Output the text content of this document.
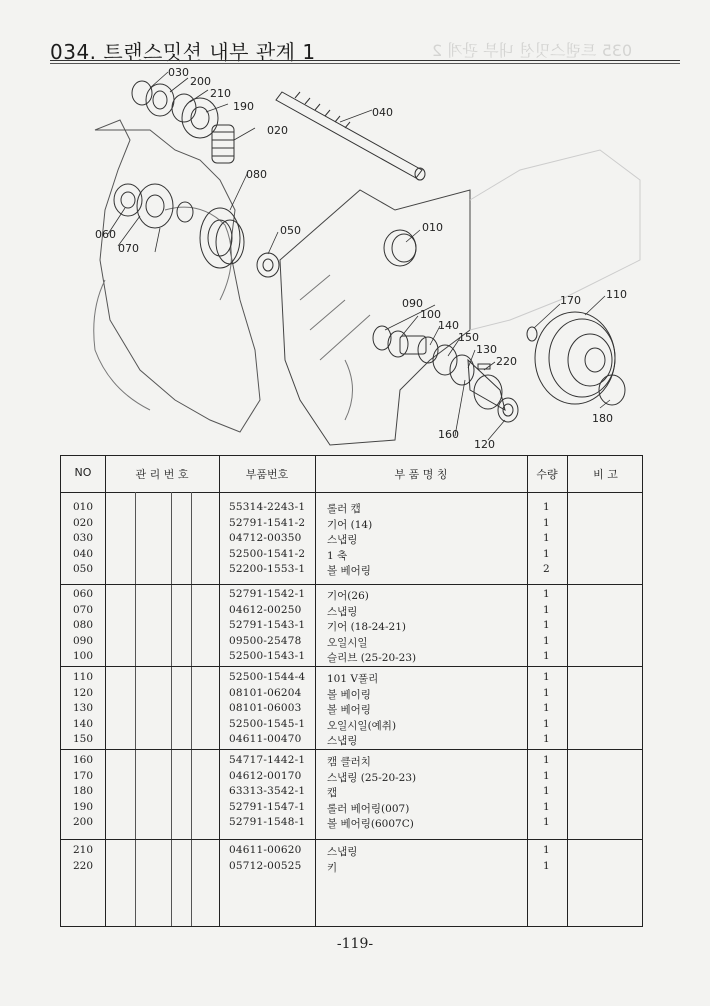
034. 트랜스밋션 내부 관계 1	035 트랜스밋션 내부 관계 2
030
200
210
190
020
040
080
050
060
070
010
090
100
140
150
130
220
170 110
180
160
120
NO	관 리 번 호	부품번호	부 품 명 칭	수량	비 고
010	55314-2243-1 롤러 캡	1
020	52791-1541-2 기어 (14)	1
030	04712-00350 스냅링	1
040	52500-1541-2 1 축	1
050	52200-1553-1 볼 베어링	2
060	52791-1542-1 기어(26)	1
070	04612-00250 스냅링	1
080	52791-1543-1 기어 (18-24-21)	1
090	09500-25478 오일시일	1
100	52500-1543-1 슬리브 (25-20-23)	1
110	52500-1544-4 101 V풀리	1
120	08101-06204 볼 베이링	1
130	08101-06003 볼 베어링	1
140	52500-1545-1 오일시일(예취)	1
150	04611-00470 스냅링	1
160	54717-1442-1 캠 클러치	1
170	04612-00170 스냅링 (25-20-23)	1
180	63313-3542-1 캡	1
190	52791-1547-1 롤러 베어링(007)	1
200	52791-1548-1 볼 베어링(6007C)	1
210	04611-00620 스냅링	1
220	05712-00525 키	1
-119-
